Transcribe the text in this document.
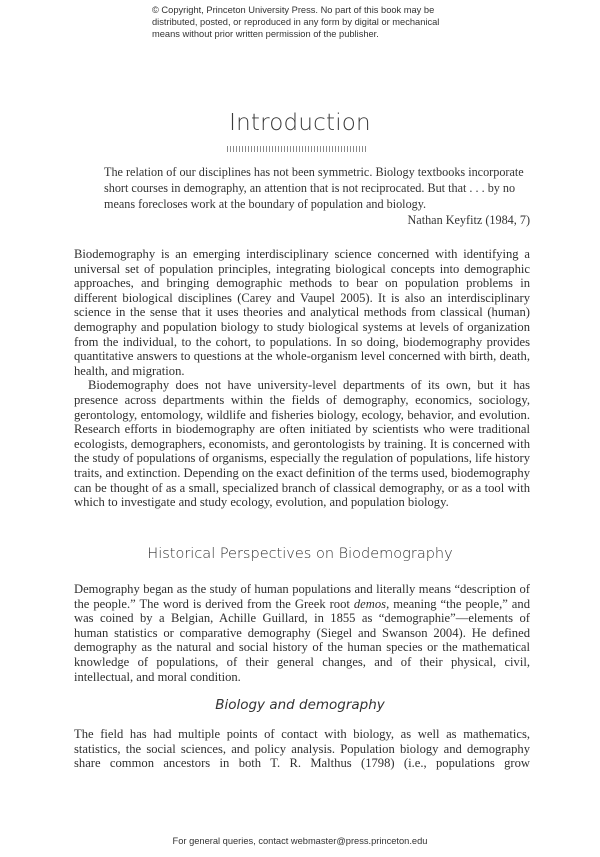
© Copyright, Princeton University Press. No part of this book may be distributed, posted, or reproduced in any form by digital or mechanical means without prior written permission of the publisher.
Introduction
The relation of our disciplines has not been symmetric. Biology textbooks incorporate short courses in demography, an attention that is not reciprocated. But that . . . by no means forecloses work at the boundary of population and biology.
Nathan Keyfitz (1984, 7)

Biodemography is an emerging interdisciplinary science concerned with identifying a universal set of population principles, integrating biological concepts into demographic approaches, and bringing demographic methods to bear on population problems in different biological disciplines (Carey and Vaupel 2005). It is also an interdisciplinary science in the sense that it uses theories and analytical methods from classical (human) demography and population biology to study biological systems at levels of organization from the individual, to the cohort, to populations. In so doing, biodemography provides quantitative answers to questions at the whole-organism level concerned with birth, death, health, and migration.

Biodemography does not have university-level departments of its own, but it has presence across departments within the fields of demography, economics, sociology, gerontology, entomology, wildlife and fisheries biology, ecology, behavior, and evolution. Research efforts in biodemography are often initiated by scientists who were traditional ecologists, demographers, economists, and gerontologists by training. It is concerned with the study of populations of organisms, especially the regulation of populations, life history traits, and extinction. Depending on the exact definition of the terms used, biodemography can be thought of as a small, specialized branch of classical demography, or as a tool with which to investigate and study ecology, evolution, and population biology.

Historical Perspectives on Biodemography

Demography began as the study of human populations and literally means “description of the people.” The word is derived from the Greek root demos, meaning “the people,” and was coined by a Belgian, Achille Guillard, in 1855 as “demographie”—elements of human statistics or comparative demography (Siegel and Swanson 2004). He defined demography as the natural and social history of the human species or the mathematical knowledge of populations, of their general changes, and of their physical, civil, intellectual, and moral condition.

Biology and demography

The field has had multiple points of contact with biology, as well as mathematics, statistics, the social sciences, and policy analysis. Population biology and demography share common ancestors in both T. R. Malthus (1798) (i.e., populations grow

For general queries, contact webmaster@press.princeton.edu
